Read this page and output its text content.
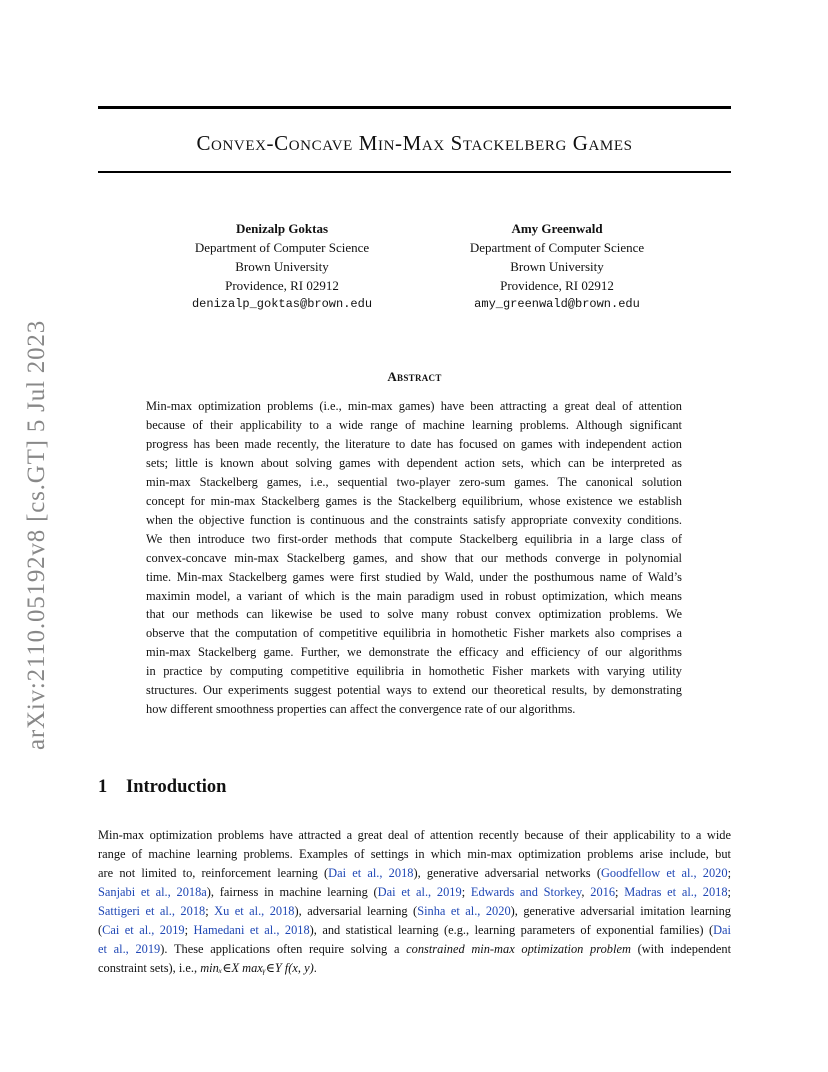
Convex-Concave Min-Max Stackelberg Games
Denizalp Goktas
Department of Computer Science
Brown University
Providence, RI 02912
denizalp_goktas@brown.edu
Amy Greenwald
Department of Computer Science
Brown University
Providence, RI 02912
amy_greenwald@brown.edu
arXiv:2110.05192v8 [cs.GT] 5 Jul 2023	Abstract
Min-max optimization problems (i.e., min-max games) have been attracting a great deal of attention
because of their applicability to a wide range of machine learning problems. Although significant
progress has been made recently, the literature to date has focused on games with independent action
sets; little is known about solving games with dependent action sets, which can be interpreted as
min-max Stackelberg games, i.e., sequential two-player zero-sum games. The canonical solution
concept for min-max Stackelberg games is the Stackelberg equilibrium, whose existence we establish
when the objective function is continuous and the constraints satisfy appropriate convexity conditions.
We then introduce two first-order methods that compute Stackelberg equilibria in a large class of
convex-concave min-max Stackelberg games, and show that our methods converge in polynomial
time. Min-max Stackelberg games were first studied by Wald, under the posthumous name of Wald’s
maximin model, a variant of which is the main paradigm used in robust optimization, which means
that our methods can likewise be used to solve many robust convex optimization problems. We
observe that the computation of competitive equilibria in homothetic Fisher markets also comprises a
min-max Stackelberg game. Further, we demonstrate the efficacy and efficiency of our algorithms
in practice by computing competitive equilibria in homothetic Fisher markets with varying utility
structures. Our experiments suggest potential ways to extend our theoretical results, by demonstrating
how different smoothness properties can affect the convergence rate of our algorithms.
1 Introduction
Min-max optimization problems have attracted a great deal of attention recently because of their applicability to a wide
range of machine learning problems. Examples of settings in which min-max optimization problems arise include, but
are not limited to, reinforcement learning (Dai et al., 2018), generative adversarial networks (Goodfellow et al., 2020;
Sanjabi et al., 2018a), fairness in machine learning (Dai et al., 2019; Edwards and Storkey, 2016; Madras et al., 2018;
Sattigeri et al., 2018; Xu et al., 2018), adversarial learning (Sinha et al., 2020), generative adversarial imitation learning
(Cai et al., 2019; Hamedani et al., 2018), and statistical learning (e.g., learning parameters of exponential families) (Dai
et al., 2019). These applications often require solving a constrained min-max optimization problem (with independent
constraint sets), i.e., minₓ∈X maxᵧ∈Y f(x, y).
